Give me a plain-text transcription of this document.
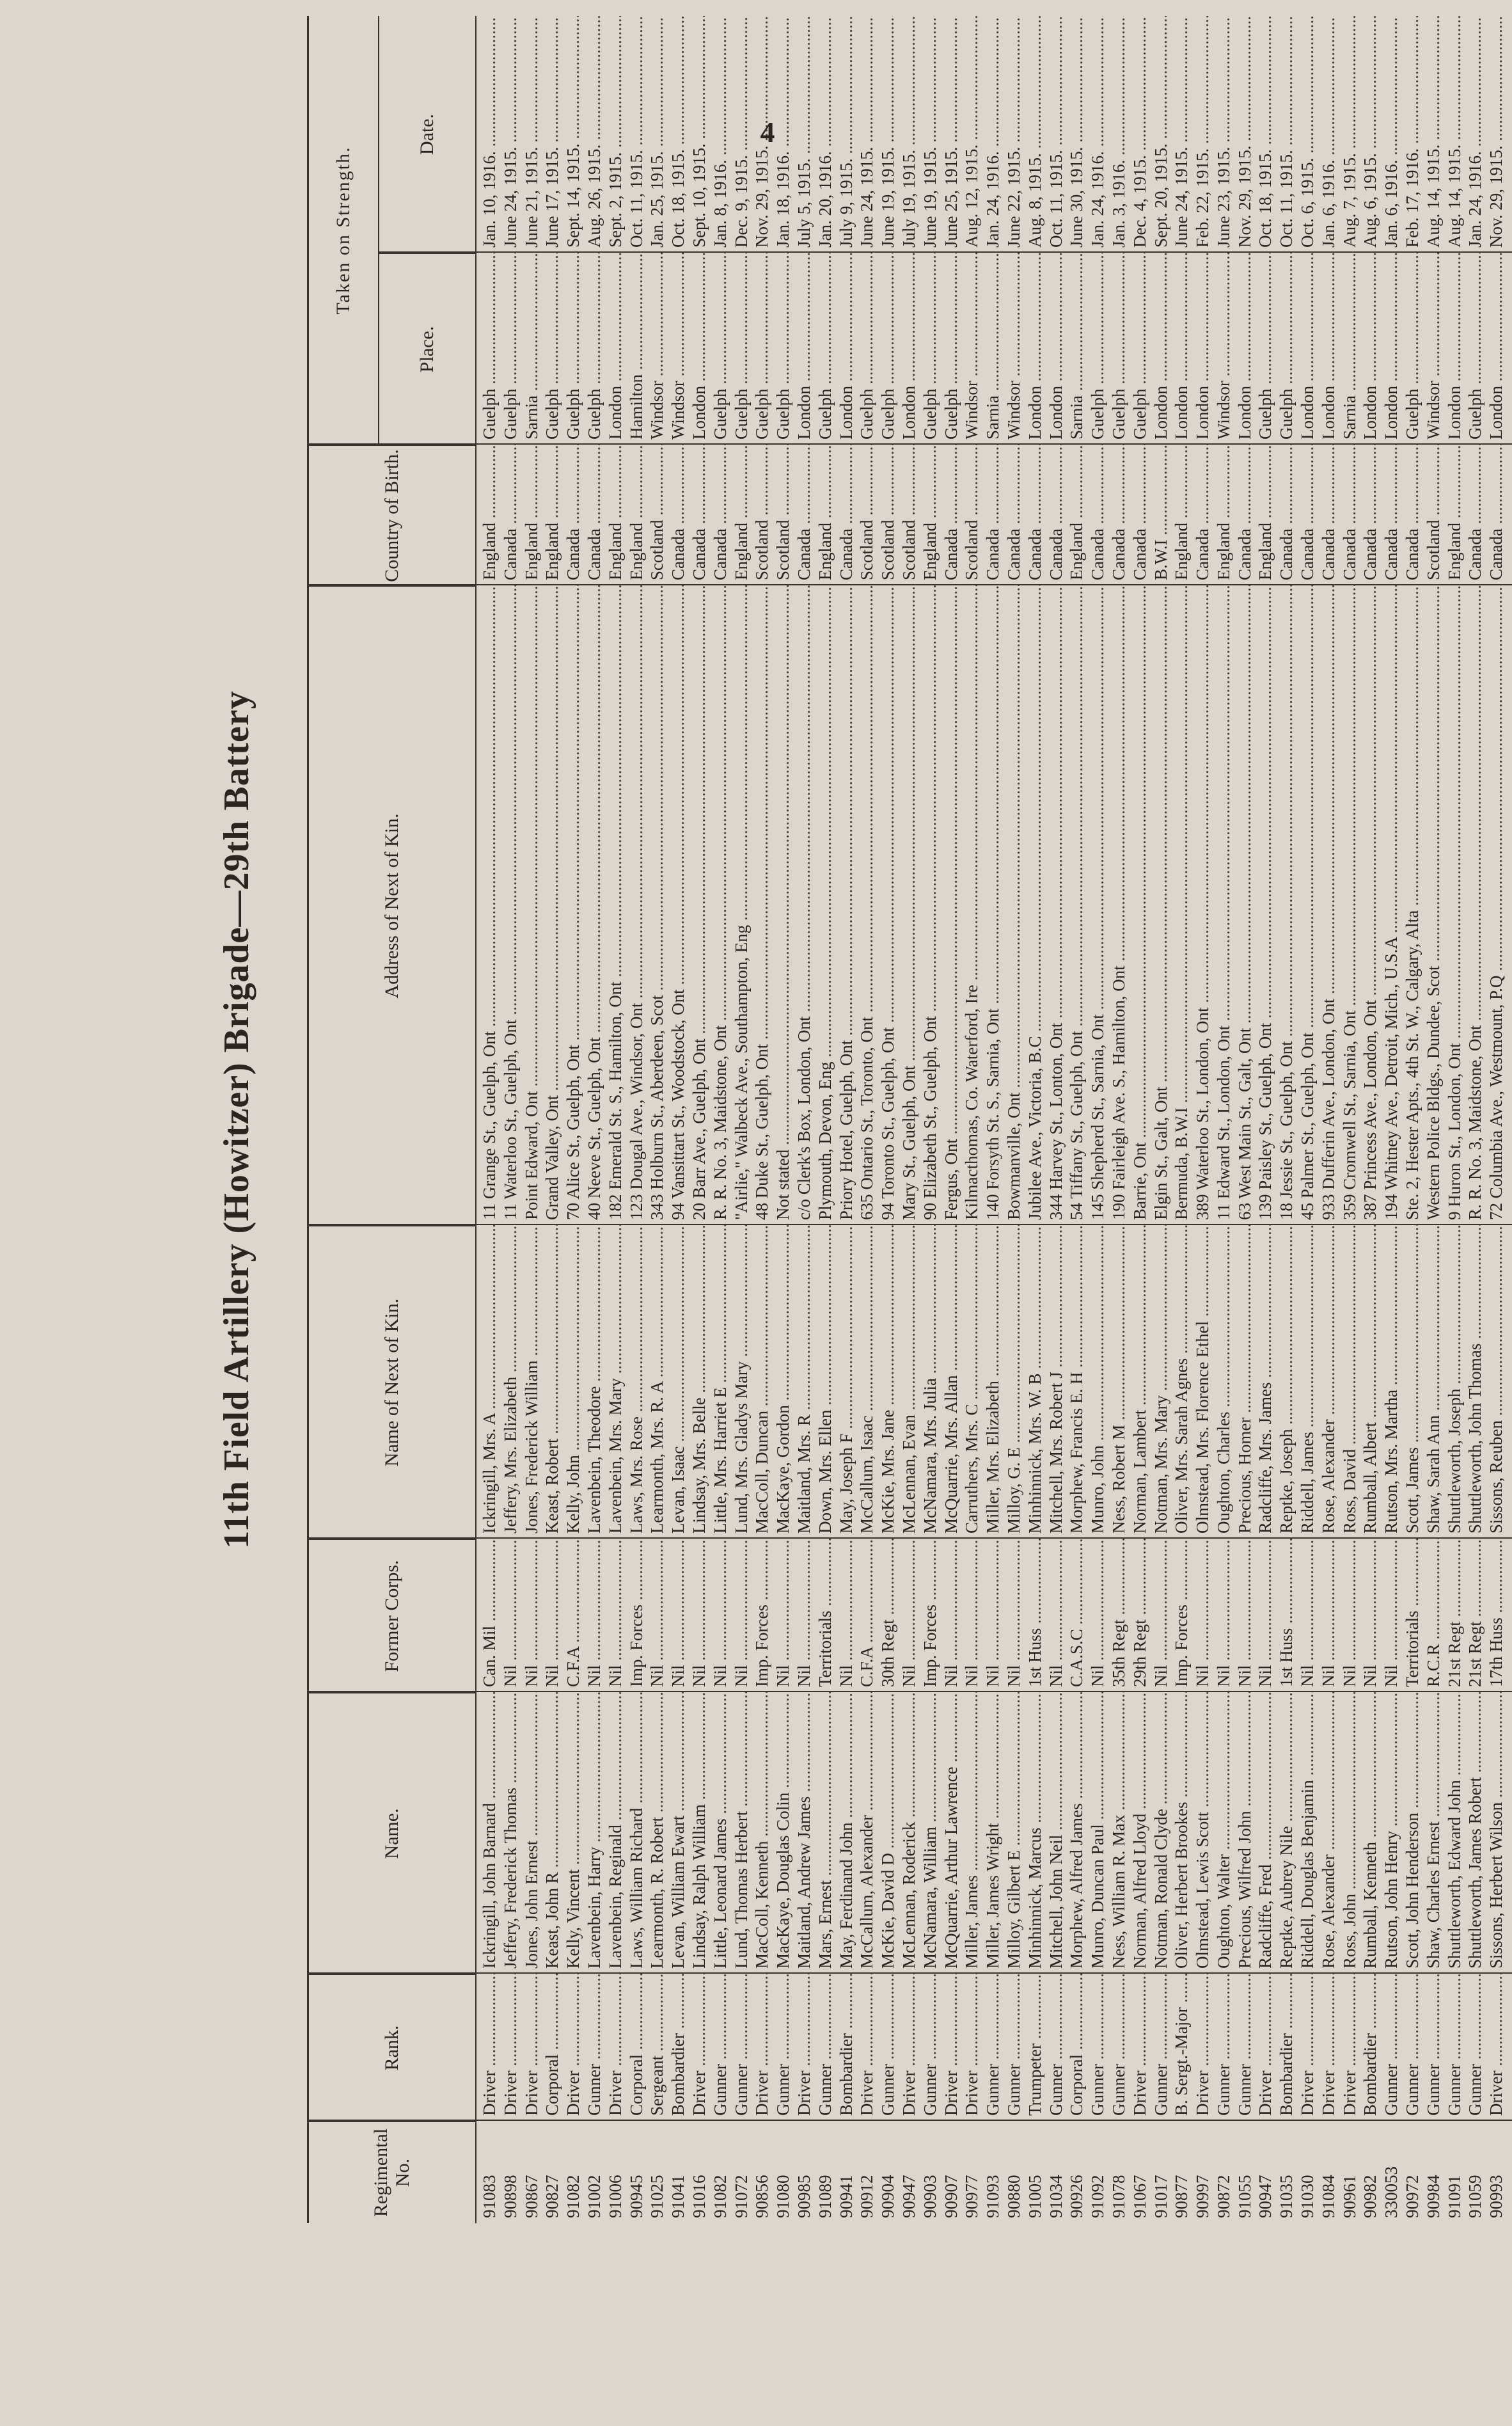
4
11th Field Artillery (Howitzer) Brigade—29th Battery
Regimental No.
Rank.
Name.
Former Corps.
Name of Next of Kin.
Address of Next of Kin.
Country of Birth.
Taken on Strength.
Place.
Date.
91083
Driver .....
Ickringill, John Barnard .....
Can. Mil .....
Ickringill, Mrs. A .....
11 Grange St., Guelph, Ont .....
England .....
Guelph .....
Jan. 10, 1916. .....
90898
Driver .....
Jeffery, Frederick Thomas .....
Nil .....
Jeffery, Mrs. Elizabeth .....
11 Waterloo St., Guelph, Ont .....
Canada .....
Guelph .....
June 24, 1915. .....
90867
Driver .....
Jones, John Ernest .....
Nil .....
Jones, Frederick William .....
Point Edward, Ont .....
England .....
Sarnia .....
June 21, 1915. .....
90827
Corporal .....
Keast, John R .....
Nil .....
Keast, Robert .....
Grand Valley, Ont .....
England .....
Guelph .....
June 17, 1915. .....
91082
Driver .....
Kelly, Vincent .....
C.F.A .....
Kelly, John .....
70 Alice St., Guelph, Ont .....
Canada .....
Guelph .....
Sept. 14, 1915. .....
91002
Gunner .....
Lavenbein, Harry .....
Nil .....
Lavenbein, Theodore .....
40 Neeve St., Guelph, Ont .....
Canada .....
Guelph .....
Aug. 26, 1915. .....
91006
Driver .....
Lavenbein, Reginald .....
Nil .....
Lavenbein, Mrs. Mary .....
182 Emerald St. S., Hamilton, Ont .....
England .....
London .....
Sept. 2, 1915. .....
90945
Corporal .....
Laws, William Richard .....
Imp. Forces .....
Laws, Mrs. Rose .....
123 Dougal Ave., Windsor, Ont .....
England .....
Hamilton .....
Oct. 11, 1915. .....
91025
Sergeant .....
Learmonth, R. Robert .....
Nil .....
Learmonth, Mrs. R. A .....
343 Holburn St., Aberdeen, Scot .....
Scotland .....
Windsor .....
Jan. 25, 1915. .....
91041
Bombardier .....
Levan, William Ewart .....
Nil .....
Levan, Isaac .....
94 Vansittart St., Woodstock, Ont .....
Canada .....
Windsor .....
Oct. 18, 1915. .....
91016
Driver .....
Lindsay, Ralph William .....
Nil .....
Lindsay, Mrs. Belle .....
20 Barr Ave., Guelph, Ont .....
Canada .....
London .....
Sept. 10, 1915. .....
91082
Gunner .....
Little, Leonard James .....
Nil .....
Little, Mrs. Harriet E .....
R. R. No. 3, Maidstone, Ont .....
Canada .....
Guelph .....
Jan. 8, 1916. .....
91072
Gunner .....
Lund, Thomas Herbert .....
Nil .....
Lund, Mrs. Gladys Mary .....
"Airlie," Walbeck Ave., Southampton, Eng .....
England .....
Guelph .....
Dec. 9, 1915. .....
90856
Driver .....
MacColl, Kenneth .....
Imp. Forces .....
MacColl, Duncan .....
48 Duke St., Guelph, Ont .....
Scotland .....
Guelph .....
Nov. 29, 1915. .....
91080
Gunner .....
MacKaye, Douglas Colin .....
Nil .....
MacKaye, Gordon .....
Not stated .....
Scotland .....
Guelph .....
Jan. 18, 1916. .....
90985
Driver .....
Maitland, Andrew James .....
Nil .....
Maitland, Mrs. R .....
c/o Clerk's Box, London, Ont .....
Canada .....
London .....
July 5, 1915. .....
91089
Gunner .....
Mars, Ernest .....
Territorials .....
Down, Mrs. Ellen .....
Plymouth, Devon, Eng .....
England .....
Guelph .....
Jan. 20, 1916. .....
90941
Bombardier .....
May, Ferdinand John .....
Nil .....
May, Joseph F .....
Priory Hotel, Guelph, Ont .....
Canada .....
London .....
July 9, 1915. .....
90912
Driver .....
McCallum, Alexander .....
C.F.A .....
McCallum, Isaac .....
635 Ontario St., Toronto, Ont .....
Scotland .....
Guelph .....
June 24, 1915. .....
90904
Gunner .....
McKie, David D .....
30th Regt .....
McKie, Mrs. Jane .....
94 Toronto St., Guelph, Ont .....
Scotland .....
Guelph .....
June 19, 1915. .....
90947
Driver .....
McLennan, Roderick .....
Nil .....
McLennan, Evan .....
Mary St., Guelph, Ont .....
Scotland .....
London .....
July 19, 1915. .....
90903
Gunner .....
McNamara, William .....
Imp. Forces .....
McNamara, Mrs. Julia .....
90 Elizabeth St., Guelph, Ont .....
England .....
Guelph .....
June 19, 1915. .....
90907
Driver .....
McQuarrie, Arthur Lawrence .....
Nil .....
McQuarrie, Mrs. Allan .....
Fergus, Ont .....
Canada .....
Guelph .....
June 25, 1915. .....
90977
Driver .....
Miller, James .....
Nil .....
Carruthers, Mrs. C .....
Kilmacthomas, Co. Waterford, Ire .....
Scotland .....
Windsor .....
Aug. 12, 1915. .....
91093
Gunner .....
Miller, James Wright .....
Nil .....
Miller, Mrs. Elizabeth .....
140 Forsyth St. S., Sarnia, Ont .....
Canada .....
Sarnia .....
Jan. 24, 1916. .....
90880
Gunner .....
Milloy, Gilbert E .....
Nil .....
Milloy, G. E .....
Bowmanville, Ont .....
Canada .....
Windsor .....
June 22, 1915. .....
91005
Trumpeter .....
Minhinnick, Marcus .....
1st Huss .....
Minhinnick, Mrs. W. B .....
Jubilee Ave., Victoria, B.C .....
Canada .....
London .....
Aug. 8, 1915. .....
91034
Gunner .....
Mitchell, John Neil .....
Nil .....
Mitchell, Mrs. Robert J .....
344 Harvey St., Lonton, Ont .....
Canada .....
London .....
Oct. 11, 1915. .....
90926
Corporal .....
Morphew, Alfred James .....
C.A.S.C .....
Morphew, Francis E. H .....
54 Tiffany St., Guelph, Ont .....
England .....
Sarnia .....
June 30, 1915. .....
91092
Gunner .....
Munro, Duncan Paul .....
Nil .....
Munro, John .....
145 Shepherd St., Sarnia, Ont .....
Canada .....
Guelph .....
Jan. 24, 1916. .....
91078
Gunner .....
Ness, William R. Max .....
35th Regt .....
Ness, Robert M .....
190 Fairleigh Ave. S., Hamilton, Ont .....
Canada .....
Guelph .....
Jan. 3, 1916. .....
91067
Driver .....
Norman, Alfred Lloyd .....
29th Regt .....
Norman, Lambert .....
Barrie, Ont .....
Canada .....
Guelph .....
Dec. 4, 1915. .....
91017
Gunner .....
Notman, Ronald Clyde .....
Nil .....
Notman, Mrs. Mary .....
Elgin St., Galt, Ont .....
B.W.I .....
London .....
Sept. 20, 1915. .....
90877
B. Sergt.-Major .....
Oliver, Herbert Brookes .....
Imp. Forces .....
Oliver, Mrs. Sarah Agnes .....
Bermuda, B.W.I .....
England .....
London .....
June 24, 1915. .....
90997
Driver .....
Olmstead, Lewis Scott .....
Nil .....
Olmstead, Mrs. Florence Ethel .....
389 Waterloo St., London, Ont .....
Canada .....
London .....
Feb. 22, 1915. .....
90872
Gunner .....
Oughton, Walter .....
Nil .....
Oughton, Charles .....
11 Edward St., London, Ont .....
England .....
Windsor .....
June 23, 1915. .....
91055
Gunner .....
Precious, Wilfred John .....
Nil .....
Precious, Homer .....
63 West Main St., Galt, Ont .....
Canada .....
London .....
Nov. 29, 1915. .....
90947
Driver .....
Radcliffe, Fred .....
Nil .....
Radcliffe, Mrs. James .....
139 Paisley St., Guelph, Ont .....
England .....
Guelph .....
Oct. 18, 1915. .....
91035
Bombardier .....
Reptke, Aubrey Nile .....
1st Huss .....
Reptke, Joseph .....
18 Jessie St., Guelph, Ont .....
Canada .....
Guelph .....
Oct. 11, 1915. .....
91030
Driver .....
Riddell, Douglas Benjamin .....
Nil .....
Riddell, James .....
45 Palmer St., Guelph, Ont .....
Canada .....
London .....
Oct. 6, 1915. .....
91084
Driver .....
Rose, Alexander .....
Nil .....
Rose, Alexander .....
933 Dufferin Ave., London, Ont .....
Canada .....
London .....
Jan. 6, 1916. .....
90961
Driver .....
Ross, John .....
Nil .....
Ross, David .....
359 Cromwell St., Sarnia, Ont .....
Canada .....
Sarnia .....
Aug. 7, 1915. .....
90982
Bombardier .....
Rumball, Kenneth .....
Nil .....
Rumball, Albert .....
387 Princess Ave., London, Ont .....
Canada .....
London .....
Aug. 6, 1915. .....
330053
Gunner .....
Rutson, John Henry .....
Nil .....
Rutson, Mrs. Martha .....
194 Whitney Ave., Detroit, Mich., U.S.A .....
Canada .....
London .....
Jan. 6, 1916. .....
90972
Gunner .....
Scott, John Henderson .....
Territorials .....
Scott, James .....
Ste. 2, Hester Apts., 4th St. W., Calgary, Alta .....
Canada .....
Guelph .....
Feb. 17, 1916. .....
90984
Gunner .....
Shaw, Charles Ernest .....
R.C.R .....
Shaw, Sarah Ann .....
Western Police Bldgs., Dundee, Scot .....
Scotland .....
Windsor .....
Aug. 14, 1915. .....
91091
Gunner .....
Shuttleworth, Edward John .....
21st Regt .....
Shuttleworth, Joseph .....
9 Huron St., London, Ont .....
England .....
London .....
Aug. 14, 1915. .....
91059
Gunner .....
Shuttleworth, James Robert .....
21st Regt .....
Shuttleworth, John Thomas .....
R. R. No. 3, Maidstone, Ont .....
Canada .....
Guelph .....
Jan. 24, 1916. .....
90993
Driver .....
Sissons, Herbert Wilson .....
17th Huss .....
Sissons, Reuben .....
72 Columbia Ave., Westmount, P.Q .....
Canada .....
London .....
Nov. 29, 1915. .....
